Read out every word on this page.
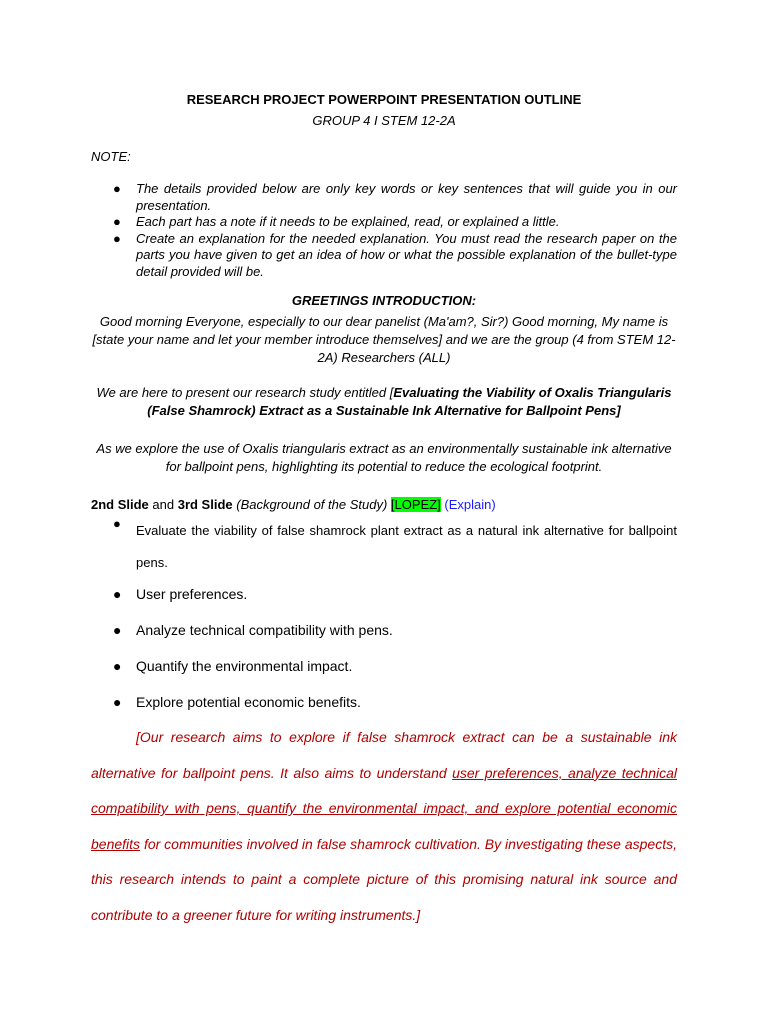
RESEARCH PROJECT POWERPOINT PRESENTATION OUTLINE
GROUP 4 I STEM 12-2A
NOTE:
● The details provided below are only key words or key sentences that will guide you in our presentation.
● Each part has a note if it needs to be explained, read, or explained a little.
● Create an explanation for the needed explanation. You must read the research paper on the parts you have given to get an idea of how or what the possible explanation of the bullet-type detail provided will be.
GREETINGS INTRODUCTION:
Good morning Everyone, especially to our dear panelist (Ma'am?, Sir?) Good morning, My name is [state your name and let your member introduce themselves] and we are the group (4 from STEM 12-2A) Researchers (ALL)
We are here to present our research study entitled [Evaluating the Viability of Oxalis Triangularis (False Shamrock) Extract as a Sustainable Ink Alternative for Ballpoint Pens]
As we explore the use of Oxalis triangularis extract as an environmentally sustainable ink alternative for ballpoint pens, highlighting its potential to reduce the ecological footprint.
2nd Slide and 3rd Slide (Background of the Study) [LOPEZ] (Explain)
● Evaluate the viability of false shamrock plant extract as a natural ink alternative for ballpoint pens.
● User preferences.
● Analyze technical compatibility with pens.
● Quantify the environmental impact.
● Explore potential economic benefits.
[Our research aims to explore if false shamrock extract can be a sustainable ink alternative for ballpoint pens. It also aims to understand user preferences, analyze technical compatibility with pens, quantify the environmental impact, and explore potential economic benefits for communities involved in false shamrock cultivation. By investigating these aspects, this research intends to paint a complete picture of this promising natural ink source and contribute to a greener future for writing instruments.]
